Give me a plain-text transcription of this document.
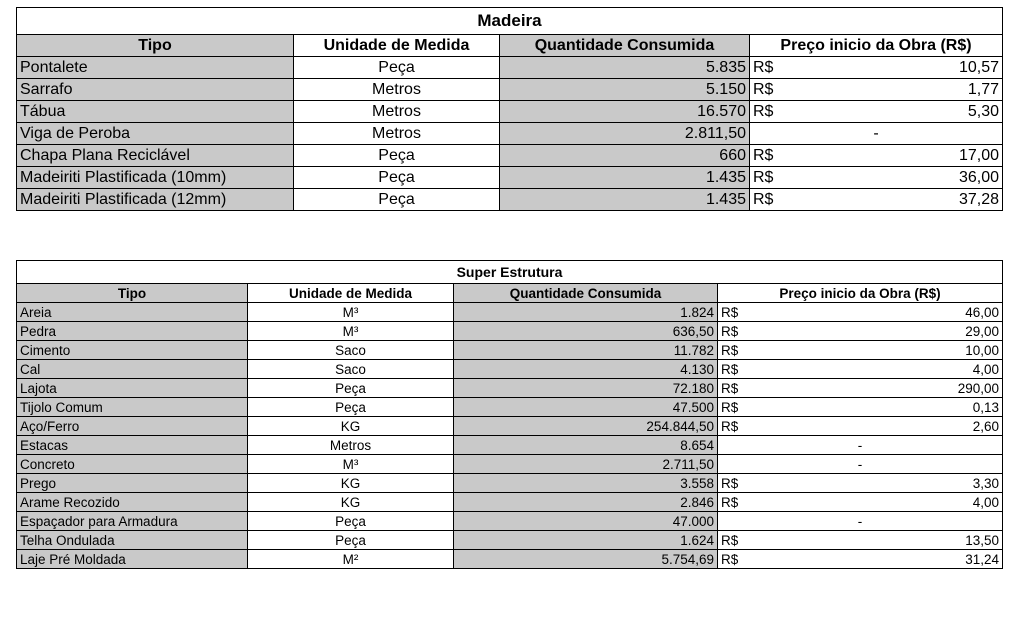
Madeira				
Tipo	Unidade de Medida	Quantidade Consumida	Preço inicio da Obra (R$)	
Pontalete	Peça	5.835	R$	10,57
Sarrafo	Metros	5.150	R$	1,77
Tábua	Metros	16.570	R$	5,30
Viga de Peroba	Metros	2.811,50	-	
Chapa Plana Reciclável	Peça	660	R$	17,00
Madeiriti Plastificada (10mm)	Peça	1.435	R$	36,00
Madeiriti Plastificada (12mm)	Peça	1.435	R$	37,28
Super Estrutura				
Tipo	Unidade de Medida	Quantidade Consumida	Preço inicio da Obra (R$)	
Areia	M³	1.824	R$	46,00
Pedra	M³	636,50	R$	29,00
Cimento	Saco	11.782	R$	10,00
Cal	Saco	4.130	R$	4,00
Lajota	Peça	72.180	R$	290,00
Tijolo Comum	Peça	47.500	R$	0,13
Aço/Ferro	KG	254.844,50	R$	2,60
Estacas	Metros	8.654	-	
Concreto	M³	2.711,50	-	
Prego	KG	3.558	R$	3,30
Arame Recozido	KG	2.846	R$	4,00
Espaçador para Armadura	Peça	47.000	-	
Telha Ondulada	Peça	1.624	R$	13,50
Laje Pré Moldada	M²	5.754,69	R$	31,24
